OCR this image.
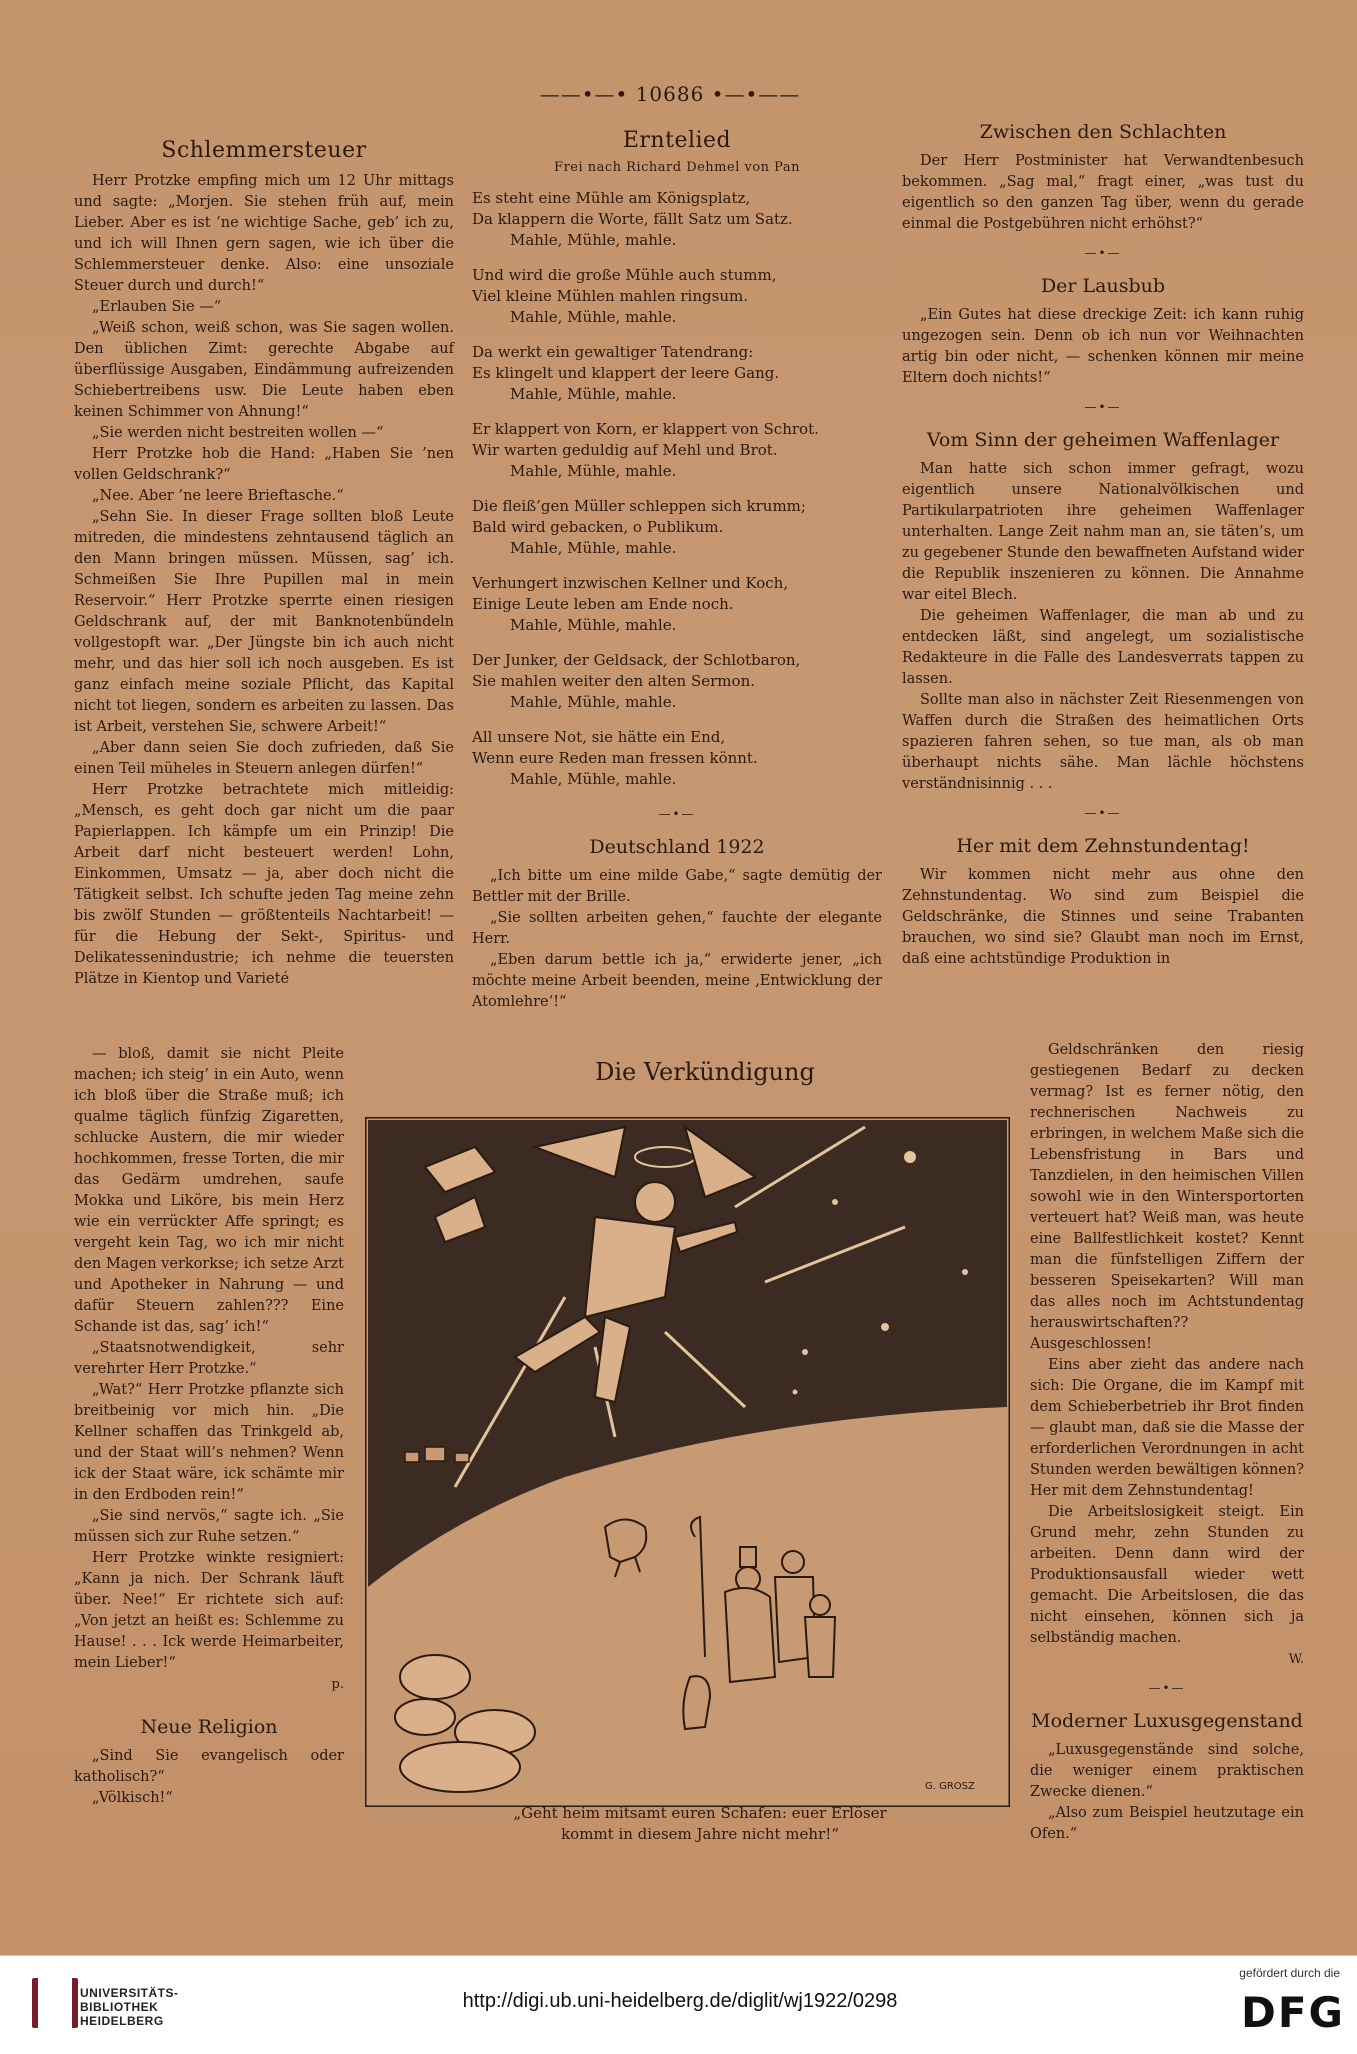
——•—• 10686 •—•——
Schlemmersteuer

Herr Protzke empfing mich um 12 Uhr mittags und sagte: „Morjen. Sie stehen früh auf, mein Lieber. Aber es ist ’ne wichtige Sache, geb’ ich zu, und ich will Ihnen gern sagen, wie ich über die Schlemmersteuer denke. Also: eine unsoziale Steuer durch und durch!“

„Erlauben Sie —“

„Weiß schon, weiß schon, was Sie sagen wollen. Den üblichen Zimt: gerechte Abgabe auf überflüssige Ausgaben, Eindämmung aufreizenden Schiebertreibens usw. Die Leute haben eben keinen Schimmer von Ahnung!“

„Sie werden nicht bestreiten wollen —“

Herr Protzke hob die Hand: „Haben Sie ’nen vollen Geldschrank?“

„Nee. Aber ’ne leere Brieftasche.“

„Sehn Sie. In dieser Frage sollten bloß Leute mitreden, die mindestens zehntausend täglich an den Mann bringen müssen. Müssen, sag’ ich. Schmeißen Sie Ihre Pupillen mal in mein Reservoir.“ Herr Protzke sperrte einen riesigen Geldschrank auf, der mit Banknotenbündeln vollgestopft war. „Der Jüngste bin ich auch nicht mehr, und das hier soll ich noch ausgeben. Es ist ganz einfach meine soziale Pflicht, das Kapital nicht tot liegen, sondern es arbeiten zu lassen. Das ist Arbeit, verstehen Sie, schwere Arbeit!“

„Aber dann seien Sie doch zufrieden, daß Sie einen Teil müheles in Steuern anlegen dürfen!“

Herr Protzke betrachtete mich mitleidig: „Mensch, es geht doch gar nicht um die paar Papierlappen. Ich kämpfe um ein Prinzip! Die Arbeit darf nicht besteuert werden! Lohn, Einkommen, Umsatz — ja, aber doch nicht die Tätigkeit selbst. Ich schufte jeden Tag meine zehn bis zwölf Stunden — größtenteils Nachtarbeit! — für die Hebung der Sekt-, Spiritus- und Delikatessenindustrie; ich nehme die teuersten Plätze in Kientop und Varieté

— bloß, damit sie nicht Pleite machen; ich steig’ in ein Auto, wenn ich bloß über die Straße muß; ich qualme täglich fünfzig Zigaretten, schlucke Austern, die mir wieder hochkommen, fresse Torten, die mir das Gedärm umdrehen, saufe Mokka und Liköre, bis mein Herz wie ein verrückter Affe springt; es vergeht kein Tag, wo ich mir nicht den Magen verkorkse; ich setze Arzt und Apotheker in Nahrung — und dafür Steuern zahlen??? Eine Schande ist das, sag’ ich!“

„Staatsnotwendigkeit, sehr verehrter Herr Protzke.“

„Wat?“ Herr Protzke pflanzte sich breitbeinig vor mich hin. „Die Kellner schaffen das Trinkgeld ab, und der Staat will’s nehmen? Wenn ick der Staat wäre, ick schämte mir in den Erdboden rein!“

„Sie sind nervös,“ sagte ich. „Sie müssen sich zur Ruhe setzen.“

Herr Protzke winkte resigniert: „Kann ja nich. Der Schrank läuft über. Nee!“ Er richtete sich auf: „Von jetzt an heißt es: Schlemme zu Hause! . . . Ick werde Heimarbeiter, mein Lieber!“

p.
Neue Religion

„Sind Sie evangelisch oder katholisch?“

„Völkisch!“

Erntelied
Frei nach Richard Dehmel von Pan
Es steht eine Mühle am Königsplatz,
Da klappern die Worte, fällt Satz um Satz.
Mahle, Mühle, mahle.
Und wird die große Mühle auch stumm,
Viel kleine Mühlen mahlen ringsum.
Mahle, Mühle, mahle.
Da werkt ein gewaltiger Tatendrang:
Es klingelt und klappert der leere Gang.
Mahle, Mühle, mahle.
Er klappert von Korn, er klappert von Schrot.
Wir warten geduldig auf Mehl und Brot.
Mahle, Mühle, mahle.
Die fleiß’gen Müller schleppen sich krumm;
Bald wird gebacken, o Publikum.
Mahle, Mühle, mahle.
Verhungert inzwischen Kellner und Koch,
Einige Leute leben am Ende noch.
Mahle, Mühle, mahle.
Der Junker, der Geldsack, der Schlotbaron,
Sie mahlen weiter den alten Sermon.
Mahle, Mühle, mahle.
All unsere Not, sie hätte ein End,
Wenn eure Reden man fressen könnt.
Mahle, Mühle, mahle.
—•—
Deutschland 1922

„Ich bitte um eine milde Gabe,“ sagte demütig der Bettler mit der Brille.

„Sie sollten arbeiten gehen,“ fauchte der elegante Herr.

„Eben darum bettle ich ja,“ erwiderte jener, „ich möchte meine Arbeit beenden, meine ‚Entwicklung der Atomlehre‘!“

Zwischen den Schlachten

Der Herr Postminister hat Verwandtenbesuch bekommen. „Sag mal,“ fragt einer, „was tust du eigentlich so den ganzen Tag über, wenn du gerade einmal die Postgebühren nicht erhöhst?“

—•—
Der Lausbub

„Ein Gutes hat diese dreckige Zeit: ich kann ruhig ungezogen sein. Denn ob ich nun vor Weihnachten artig bin oder nicht, — schenken können mir meine Eltern doch nichts!“

—•—
Vom Sinn der geheimen Waffenlager

Man hatte sich schon immer gefragt, wozu eigentlich unsere Nationalvölkischen und Partikularpatrioten ihre geheimen Waffenlager unterhalten. Lange Zeit nahm man an, sie täten’s, um zu gegebener Stunde den bewaffneten Aufstand wider die Republik inszenieren zu können. Die Annahme war eitel Blech.

Die geheimen Waffenlager, die man ab und zu entdecken läßt, sind angelegt, um sozialistische Redakteure in die Falle des Landesverrats tappen zu lassen.

Sollte man also in nächster Zeit Riesenmengen von Waffen durch die Straßen des heimatlichen Orts spazieren fahren sehen, so tue man, als ob man überhaupt nichts sähe. Man lächle höchstens verständnisinnig . . .

—•—
Her mit dem Zehnstundentag!

Wir kommen nicht mehr aus ohne den Zehnstundentag. Wo sind zum Beispiel die Geldschränke, die Stinnes und seine Trabanten brauchen, wo sind sie? Glaubt man noch im Ernst, daß eine achtstündige Produktion in

Geldschränken den riesig gestiegenen Bedarf zu decken vermag? Ist es ferner nötig, den rechnerischen Nachweis zu erbringen, in welchem Maße sich die Lebensfristung in Bars und Tanzdielen, in den heimischen Villen sowohl wie in den Wintersportorten verteuert hat? Weiß man, was heute eine Ballfestlichkeit kostet? Kennt man die fünfstelligen Ziffern der besseren Speisekarten? Will man das alles noch im Achtstundentag herauswirtschaften?? Ausgeschlossen!

Eins aber zieht das andere nach sich: Die Organe, die im Kampf mit dem Schieberbetrieb ihr Brot finden — glaubt man, daß sie die Masse der erforderlichen Verordnungen in acht Stunden werden bewältigen können? Her mit dem Zehnstundentag!

Die Arbeitslosigkeit steigt. Ein Grund mehr, zehn Stunden zu arbeiten. Denn dann wird der Produktionsausfall wieder wett gemacht. Die Arbeitslosen, die das nicht einsehen, können sich ja selbständig machen.

W.
—•—
Moderner Luxusgegenstand

„Luxusgegenstände sind solche, die weniger einem praktischen Zwecke dienen.“

„Also zum Beispiel heutzutage ein Ofen.“

Die Verkündigung
G. GROSZ
„Geht heim mitsamt euren Schafen: euer Erlöser
kommt in diesem Jahre nicht mehr!“
UNIVERSITÄTS-
BIBLIOTHEK
HEIDELBERG
http://digi.ub.uni-heidelberg.de/diglit/wj1922/0298
gefördert durch die
DFG
